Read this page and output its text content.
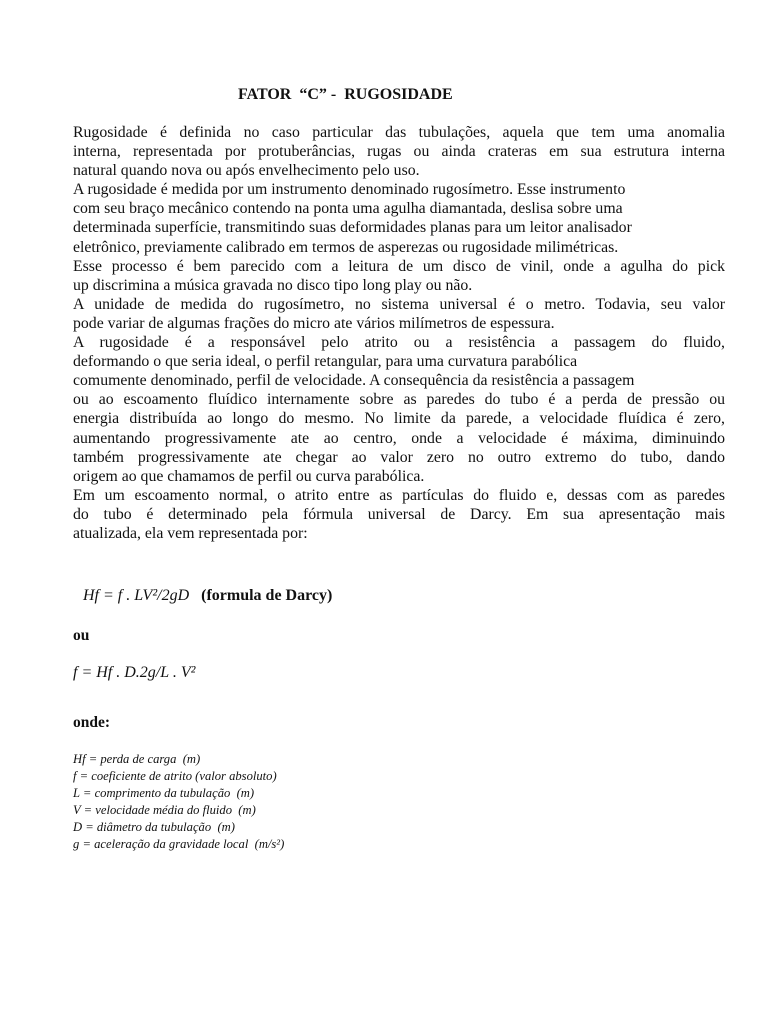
FATOR  “C” -  RUGOSIDADE
Rugosidade é definida no caso particular das tubulações, aquela que tem uma anomalia
interna, representada por protuberâncias, rugas ou ainda crateras em sua estrutura interna
natural quando nova ou após envelhecimento pelo uso.
A rugosidade é medida por um instrumento denominado rugosímetro. Esse instrumento
com seu braço mecânico contendo na ponta uma agulha diamantada, deslisa sobre uma
determinada superfície, transmitindo suas deformidades planas para um leitor analisador
eletrônico, previamente calibrado em termos de asperezas ou rugosidade milimétricas.
Esse processo é bem parecido com a leitura de um disco de vinil, onde a agulha do pick
up discrimina a música gravada no disco tipo long play ou não.
A unidade de medida do rugosímetro, no sistema universal é o metro. Todavia, seu valor
pode variar de algumas frações do micro ate vários milímetros de espessura.
A rugosidade é a responsável pelo atrito ou a resistência a passagem do fluido,
deformando o que seria ideal, o perfil retangular, para uma curvatura parabólica
comumente denominado, perfil de velocidade. A consequência da resistência a passagem
ou ao escoamento fluídico internamente sobre as paredes do tubo é a perda de pressão ou
energia distribuída ao longo do mesmo. No limite da parede, a velocidade fluídica é zero,
aumentando progressivamente ate ao centro, onde a velocidade é máxima, diminuindo
também progressivamente ate chegar ao valor zero no outro extremo do tubo, dando
origem ao que chamamos de perfil ou curva parabólica.
Em um escoamento normal, o atrito entre as partículas do fluido e, dessas com as paredes
do tubo é determinado pela fórmula universal de Darcy. Em sua apresentação mais
atualizada, ela vem representada por:
Hf = f . LV²/2gD (formula de Darcy)
ou
f = Hf . D.2g/L . V²
onde:
Hf = perda de carga  (m)
f = coeficiente de atrito (valor absoluto)
L = comprimento da tubulação  (m)
V = velocidade média do fluido  (m)
D = diâmetro da tubulação  (m)
g = aceleração da gravidade local  (m/s²)
